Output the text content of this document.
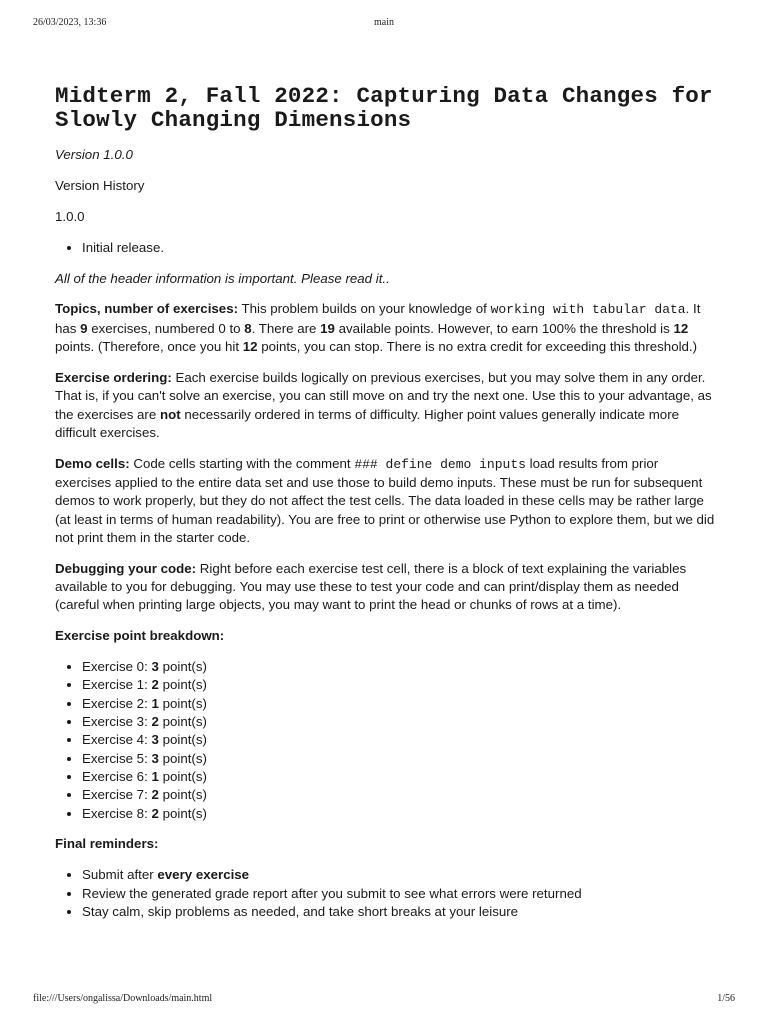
26/03/2023, 13:36	main
Midterm 2, Fall 2022: Capturing Data Changes for Slowly Changing Dimensions

Version 1.0.0

Version History

1.0.0

• Initial release.

All of the header information is important. Please read it..

Topics, number of exercises: This problem builds on your knowledge of working with tabular data. It has 9 exercises, numbered 0 to 8. There are 19 available points. However, to earn 100% the threshold is 12 points. (Therefore, once you hit 12 points, you can stop. There is no extra credit for exceeding this threshold.)

Exercise ordering: Each exercise builds logically on previous exercises, but you may solve them in any order. That is, if you can't solve an exercise, you can still move on and try the next one. Use this to your advantage, as the exercises are not necessarily ordered in terms of difficulty. Higher point values generally indicate more difficult exercises.

Demo cells: Code cells starting with the comment ### define demo inputs load results from prior exercises applied to the entire data set and use those to build demo inputs. These must be run for subsequent demos to work properly, but they do not affect the test cells. The data loaded in these cells may be rather large (at least in terms of human readability). You are free to print or otherwise use Python to explore them, but we did not print them in the starter code.

Debugging your code: Right before each exercise test cell, there is a block of text explaining the variables available to you for debugging. You may use these to test your code and can print/display them as needed (careful when printing large objects, you may want to print the head or chunks of rows at a time).

Exercise point breakdown:

• Exercise 0: 3 point(s)
• Exercise 1: 2 point(s)
• Exercise 2: 1 point(s)
• Exercise 3: 2 point(s)
• Exercise 4: 3 point(s)
• Exercise 5: 3 point(s)
• Exercise 6: 1 point(s)
• Exercise 7: 2 point(s)
• Exercise 8: 2 point(s)

Final reminders:

• Submit after every exercise
• Review the generated grade report after you submit to see what errors were returned
• Stay calm, skip problems as needed, and take short breaks at your leisure
file:///Users/ongalissa/Downloads/main.html	1/56
